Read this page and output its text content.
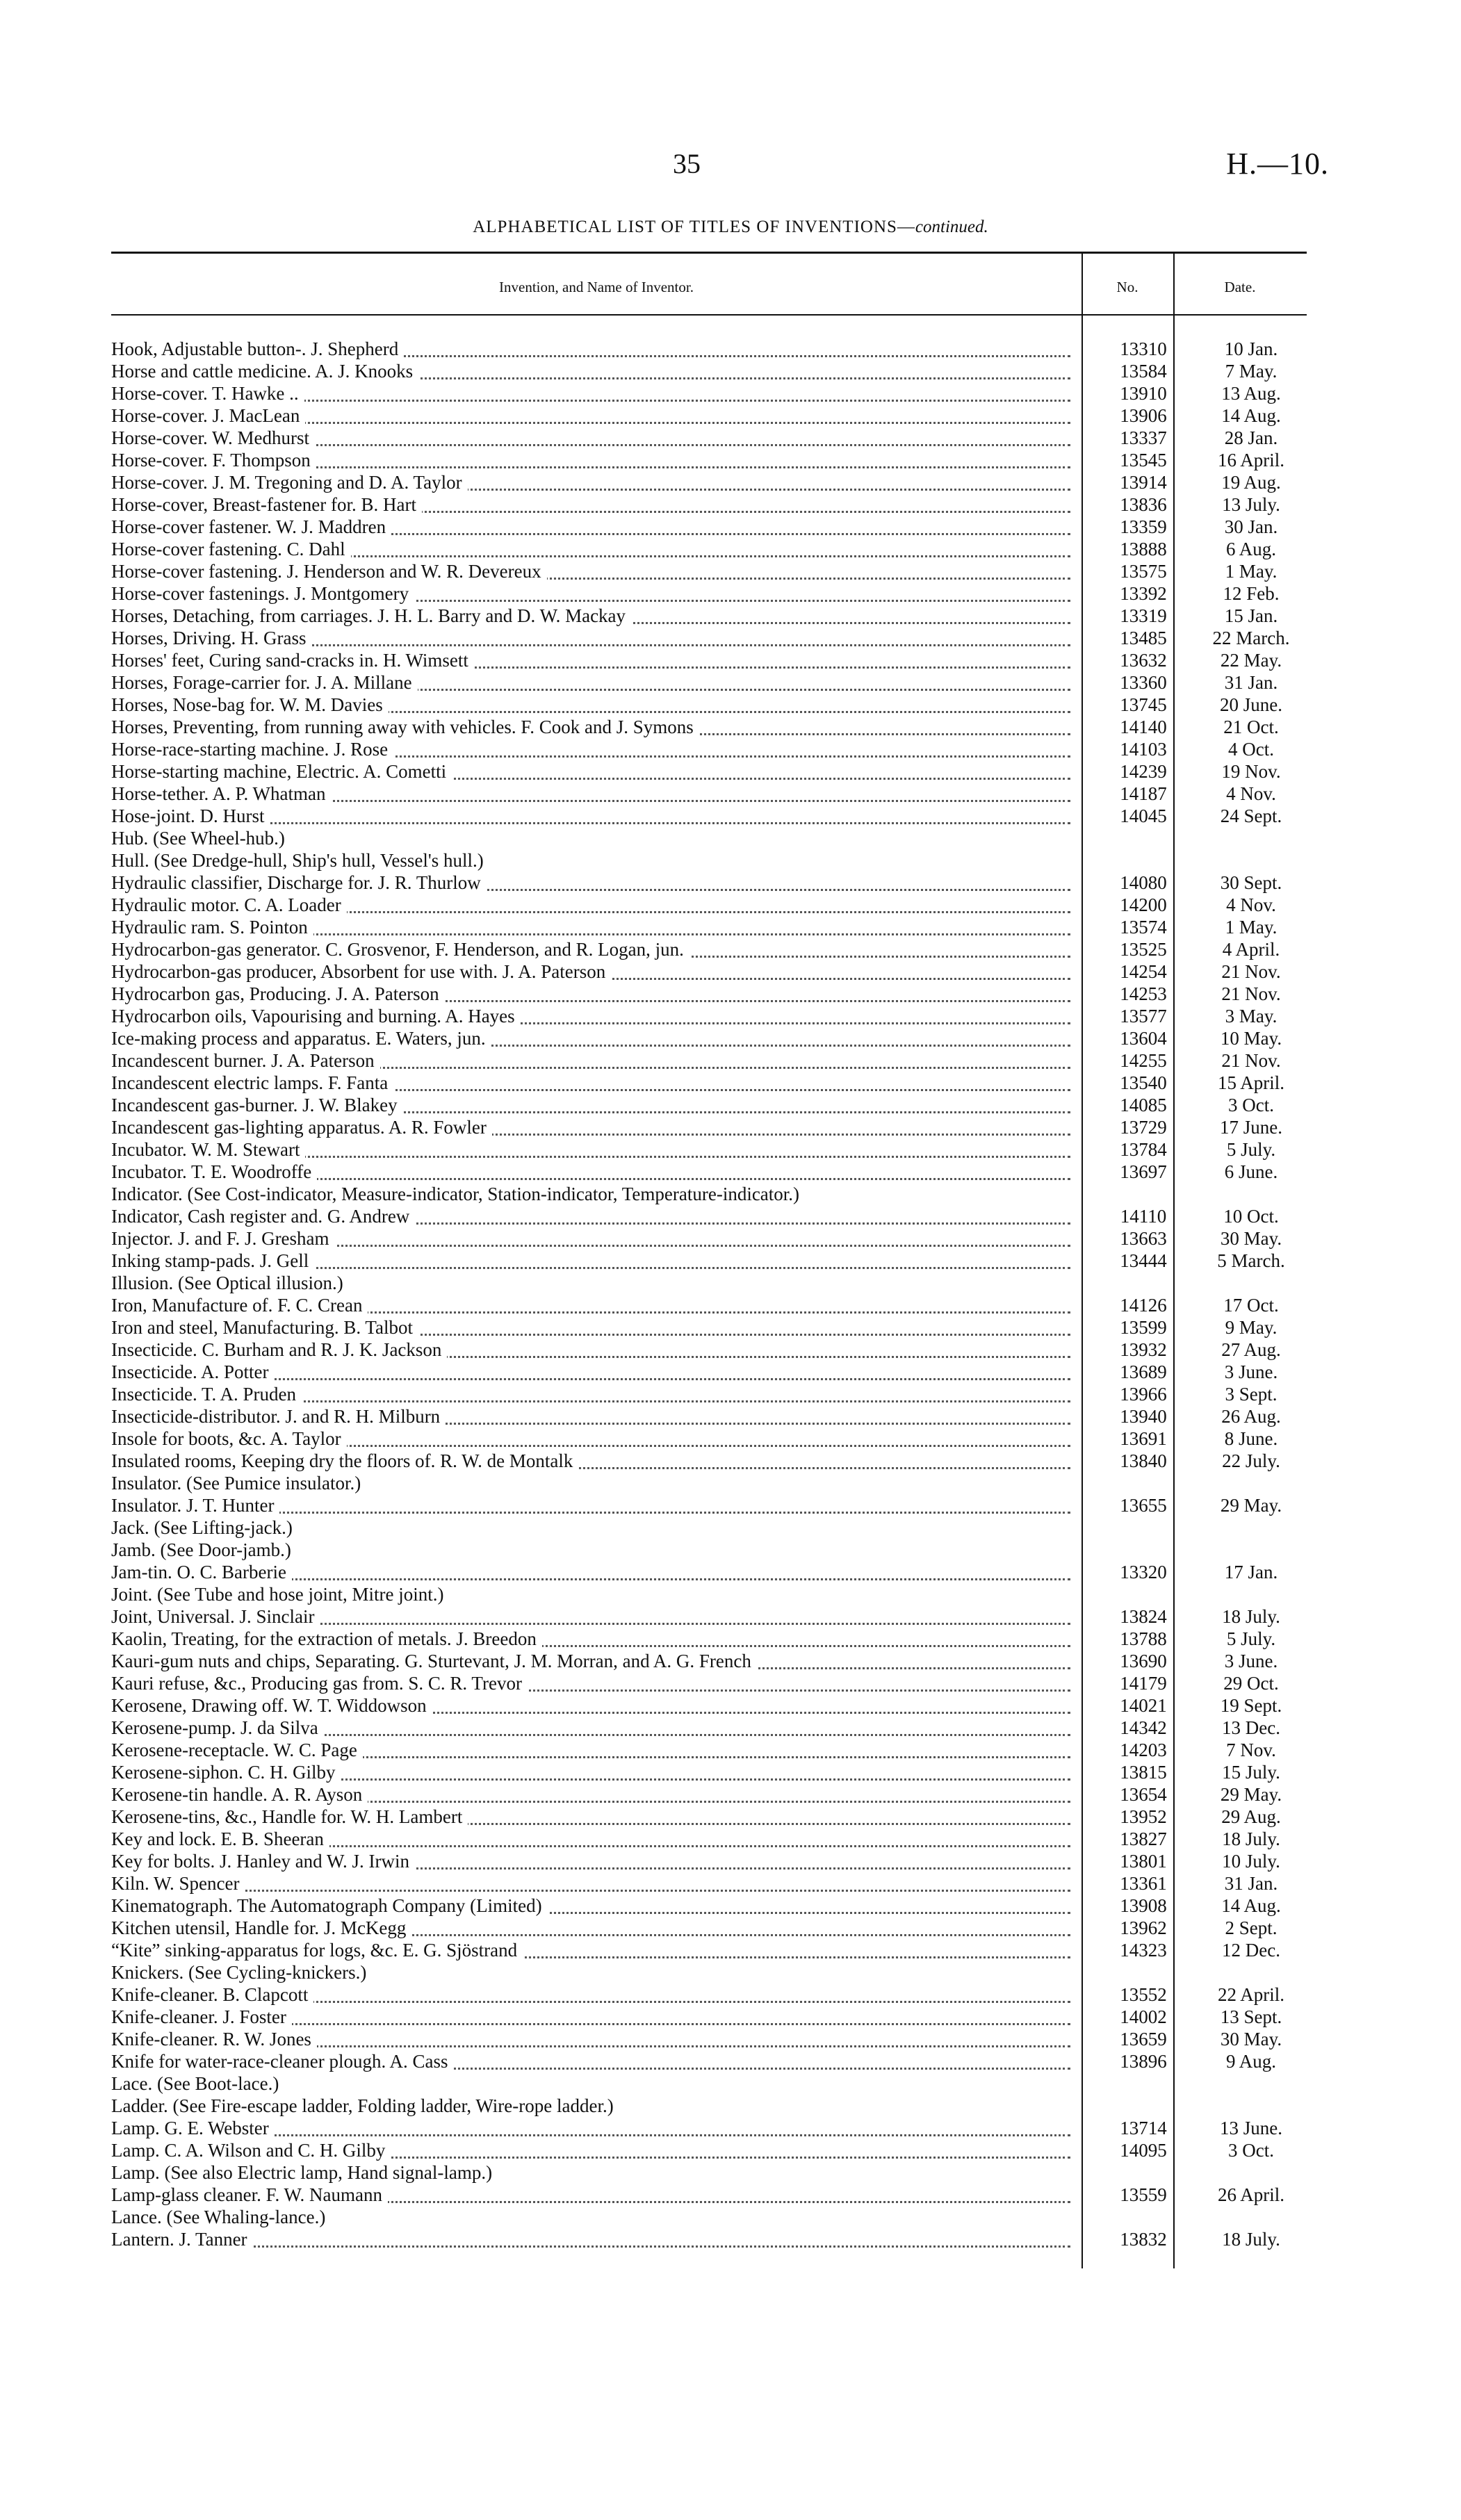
35	H.—10.
ALPHABETICAL LIST OF TITLES OF INVENTIONS—continued.
Invention, and Name of Inventor.	No.	Date.
Hook, Adjustable button-. J. Shepherd	13310	10 Jan.
Horse and cattle medicine. A. J. Knooks	13584	7 May.
Horse-cover. T. Hawke ..	13910	13 Aug.
Horse-cover. J. MacLean	13906	14 Aug.
Horse-cover. W. Medhurst	13337	28 Jan.
Horse-cover. F. Thompson	13545	16 April.
Horse-cover. J. M. Tregoning and D. A. Taylor	13914	19 Aug.
Horse-cover, Breast-fastener for. B. Hart	13836	13 July.
Horse-cover fastener. W. J. Maddren	13359	30 Jan.
Horse-cover fastening. C. Dahl	13888	6 Aug.
Horse-cover fastening. J. Henderson and W. R. Devereux	13575	1 May.
Horse-cover fastenings. J. Montgomery	13392	12 Feb.
Horses, Detaching, from carriages. J. H. L. Barry and D. W. Mackay	13319	15 Jan.
Horses, Driving. H. Grass	13485	22 March.
Horses' feet, Curing sand-cracks in. H. Wimsett	13632	22 May.
Horses, Forage-carrier for. J. A. Millane	13360	31 Jan.
Horses, Nose-bag for. W. M. Davies	13745	20 June.
Horses, Preventing, from running away with vehicles. F. Cook and J. Symons	14140	21 Oct.
Horse-race-starting machine. J. Rose	14103	4 Oct.
Horse-starting machine, Electric. A. Cometti	14239	19 Nov.
Horse-tether. A. P. Whatman	14187	4 Nov.
Hose-joint. D. Hurst	14045	24 Sept.
Hub. (See Wheel-hub.)
Hull. (See Dredge-hull, Ship's hull, Vessel's hull.)
Hydraulic classifier, Discharge for. J. R. Thurlow	14080	30 Sept.
Hydraulic motor. C. A. Loader	14200	4 Nov.
Hydraulic ram. S. Pointon	13574	1 May.
Hydrocarbon-gas generator. C. Grosvenor, F. Henderson, and R. Logan, jun.	13525	4 April.
Hydrocarbon-gas producer, Absorbent for use with. J. A. Paterson	14254	21 Nov.
Hydrocarbon gas, Producing. J. A. Paterson	14253	21 Nov.
Hydrocarbon oils, Vapourising and burning. A. Hayes	13577	3 May.
Ice-making process and apparatus. E. Waters, jun.	13604	10 May.
Incandescent burner. J. A. Paterson	14255	21 Nov.
Incandescent electric lamps. F. Fanta	13540	15 April.
Incandescent gas-burner. J. W. Blakey	14085	3 Oct.
Incandescent gas-lighting apparatus. A. R. Fowler	13729	17 June.
Incubator. W. M. Stewart	13784	5 July.
Incubator. T. E. Woodroffe	13697	6 June.
Indicator. (See Cost-indicator, Measure-indicator, Station-indicator, Temperature-indicator.)
Indicator, Cash register and. G. Andrew	14110	10 Oct.
Injector. J. and F. J. Gresham	13663	30 May.
Inking stamp-pads. J. Gell	13444	5 March.
Illusion. (See Optical illusion.)
Iron, Manufacture of. F. C. Crean	14126	17 Oct.
Iron and steel, Manufacturing. B. Talbot	13599	9 May.
Insecticide. C. Burham and R. J. K. Jackson	13932	27 Aug.
Insecticide. A. Potter	13689	3 June.
Insecticide. T. A. Pruden	13966	3 Sept.
Insecticide-distributor. J. and R. H. Milburn	13940	26 Aug.
Insole for boots, &c. A. Taylor	13691	8 June.
Insulated rooms, Keeping dry the floors of. R. W. de Montalk	13840	22 July.
Insulator. (See Pumice insulator.)
Insulator. J. T. Hunter	13655	29 May.
Jack. (See Lifting-jack.)
Jamb. (See Door-jamb.)
Jam-tin. O. C. Barberie	13320	17 Jan.
Joint. (See Tube and hose joint, Mitre joint.)
Joint, Universal. J. Sinclair	13824	18 July.
Kaolin, Treating, for the extraction of metals. J. Breedon	13788	5 July.
Kauri-gum nuts and chips, Separating. G. Sturtevant, J. M. Morran, and A. G. French	13690	3 June.
Kauri refuse, &c., Producing gas from. S. C. R. Trevor	14179	29 Oct.
Kerosene, Drawing off. W. T. Widdowson	14021	19 Sept.
Kerosene-pump. J. da Silva	14342	13 Dec.
Kerosene-receptacle. W. C. Page	14203	7 Nov.
Kerosene-siphon. C. H. Gilby	13815	15 July.
Kerosene-tin handle. A. R. Ayson	13654	29 May.
Kerosene-tins, &c., Handle for. W. H. Lambert	13952	29 Aug.
Key and lock. E. B. Sheeran	13827	18 July.
Key for bolts. J. Hanley and W. J. Irwin	13801	10 July.
Kiln. W. Spencer	13361	31 Jan.
Kinematograph. The Automatograph Company (Limited)	13908	14 Aug.
Kitchen utensil, Handle for. J. McKegg	13962	2 Sept.
“Kite” sinking-apparatus for logs, &c. E. G. Sjöstrand	14323	12 Dec.
Knickers. (See Cycling-knickers.)
Knife-cleaner. B. Clapcott	13552	22 April.
Knife-cleaner. J. Foster	14002	13 Sept.
Knife-cleaner. R. W. Jones	13659	30 May.
Knife for water-race-cleaner plough. A. Cass	13896	9 Aug.
Lace. (See Boot-lace.)
Ladder. (See Fire-escape ladder, Folding ladder, Wire-rope ladder.)
Lamp. G. E. Webster	13714	13 June.
Lamp. C. A. Wilson and C. H. Gilby	14095	3 Oct.
Lamp. (See also Electric lamp, Hand signal-lamp.)
Lamp-glass cleaner. F. W. Naumann	13559	26 April.
Lance. (See Whaling-lance.)
Lantern. J. Tanner	13832	18 July.
